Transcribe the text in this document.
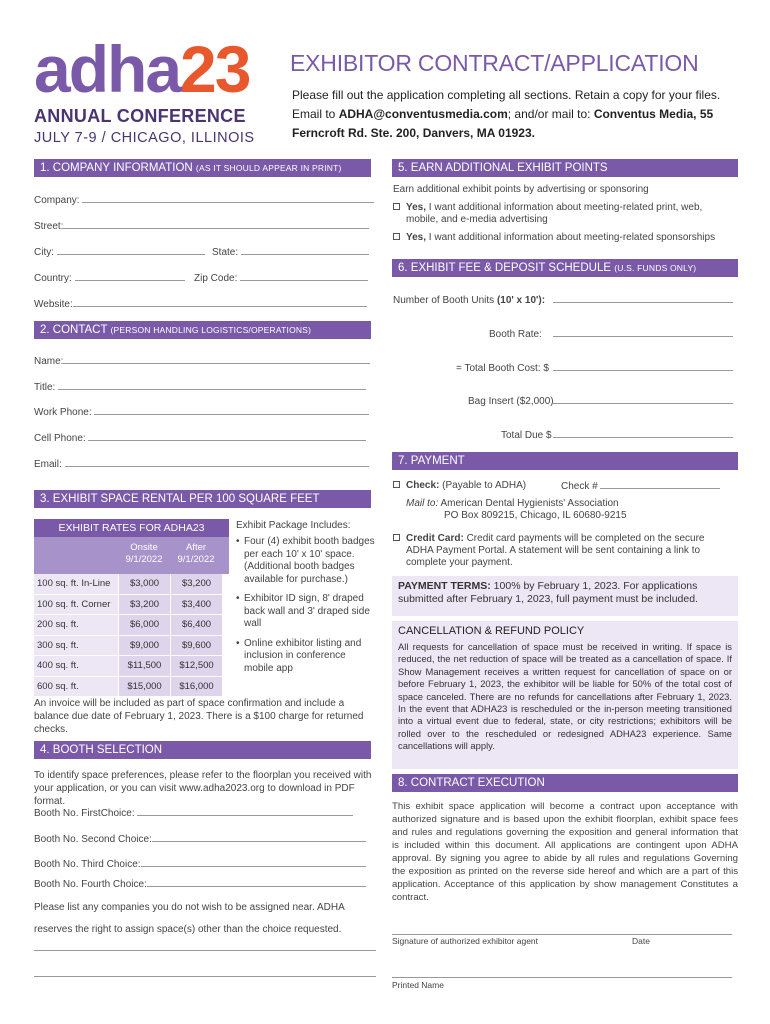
adha23
ANNUAL CONFERENCE
JULY 7-9 / CHICAGO, ILLINOIS
EXHIBITOR CONTRACT/APPLICATION
Please fill out the application completing all sections. Retain a copy for your files. Email to ADHA@conventusmedia.com; and/or mail to: Conventus Media, 55 Ferncroft Rd. Ste. 200, Danvers, MA 01923.
1. COMPANY INFORMATION (AS IT SHOULD APPEAR IN PRINT)
Company:
Street:
City:	State:
Country:	Zip Code:
Website:
2. CONTACT (PERSON HANDLING LOGISTICS/OPERATIONS)
Name:
Title:
Work Phone:
Cell Phone:
Email:
3. EXHIBIT SPACE RENTAL PER 100 SQUARE FEET
EXHIBIT RATES FOR ADHA23
Onsite 9/1/2022
After 9/1/2022
100 sq. ft. In-Line	$3,000	$3,200
100 sq. ft. Corner	$3,200	$3,400
200 sq. ft.	$6,000	$6,400
300 sq. ft.	$9,000	$9,600
400 sq. ft.	$11,500	$12,500
600 sq. ft.	$15,000	$16,000
Exhibit Package Includes:
• Four (4) exhibit booth badges per each 10' x 10' space. (Additional booth badges available for purchase.)
• Exhibitor ID sign, 8' draped back wall and 3' draped side wall
• Online exhibitor listing and inclusion in conference mobile app
An invoice will be included as part of space confirmation and include a balance due date of February 1, 2023. There is a $100 charge for returned checks.
4. BOOTH SELECTION
To identify space preferences, please refer to the floorplan you received with your application, or you can visit www.adha2023.org to download in PDF format.
Booth No. FirstChoice:
Booth No. Second Choice:
Booth No. Third Choice:
Booth No. Fourth Choice:
Please list any companies you do not wish to be assigned near. ADHA reserves the right to assign space(s) other than the choice requested.
5. EARN ADDITIONAL EXHIBIT POINTS
Earn additional exhibit points by advertising or sponsoring
Yes, I want additional information about meeting-related print, web, mobile, and e-media advertising
Yes, I want additional information about meeting-related sponsorships
6. EXHIBIT FEE & DEPOSIT SCHEDULE (U.S. FUNDS ONLY)
Number of Booth Units (10' x 10'):
Booth Rate:
= Total Booth Cost: $
Bag Insert ($2,000)
Total Due $
7. PAYMENT
Check: (Payable to ADHA)	Check #
Mail to: American Dental Hygienists' Association
PO Box 809215, Chicago, IL 60680-9215
Credit Card: Credit card payments will be completed on the secure ADHA Payment Portal. A statement will be sent containing a link to complete your payment.
PAYMENT TERMS: 100% by February 1, 2023. For applications submitted after February 1, 2023, full payment must be included.
CANCELLATION & REFUND POLICY
All requests for cancellation of space must be received in writing. If space is reduced, the net reduction of space will be treated as a cancellation of space. If Show Management receives a written request for cancellation of space on or before February 1, 2023, the exhibitor will be liable for 50% of the total cost of space canceled. There are no refunds for cancellations after February 1, 2023. In the event that ADHA23 is rescheduled or the in-person meeting transitioned into a virtual event due to federal, state, or city restrictions; exhibitors will be rolled over to the rescheduled or redesigned ADHA23 experience. Same cancellations will apply.
8. CONTRACT EXECUTION
This exhibit space application will become a contract upon acceptance with authorized signature and is based upon the exhibit floorplan, exhibit space fees and rules and regulations governing the exposition and general information that is included within this document. All applications are contingent upon ADHA approval. By signing you agree to abide by all rules and regulations Governing the exposition as printed on the reverse side hereof and which are a part of this application. Acceptance of this application by show management Constitutes a contract.
Signature of authorized exhibitor agent	Date
Printed Name
